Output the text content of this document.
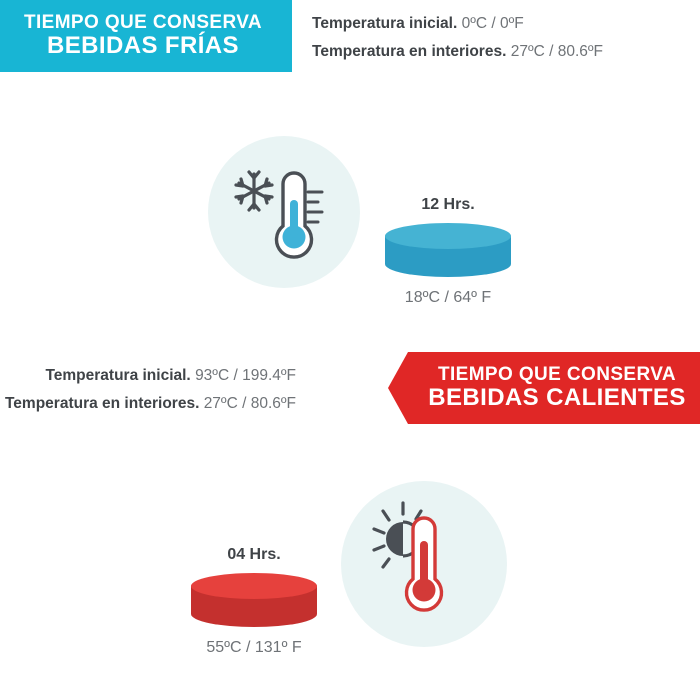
TIEMPO QUE CONSERVA
BEBIDAS FRÍAS
Temperatura inicial. 0ºC / 0ºF
Temperatura en interiores. 27ºC / 80.6ºF
12 Hrs.
18ºC / 64º F
TIEMPO QUE CONSERVA
BEBIDAS CALIENTES
Temperatura inicial. 93ºC / 199.4ºF
Temperatura en interiores. 27ºC / 80.6ºF
04 Hrs.
55ºC / 131º F
